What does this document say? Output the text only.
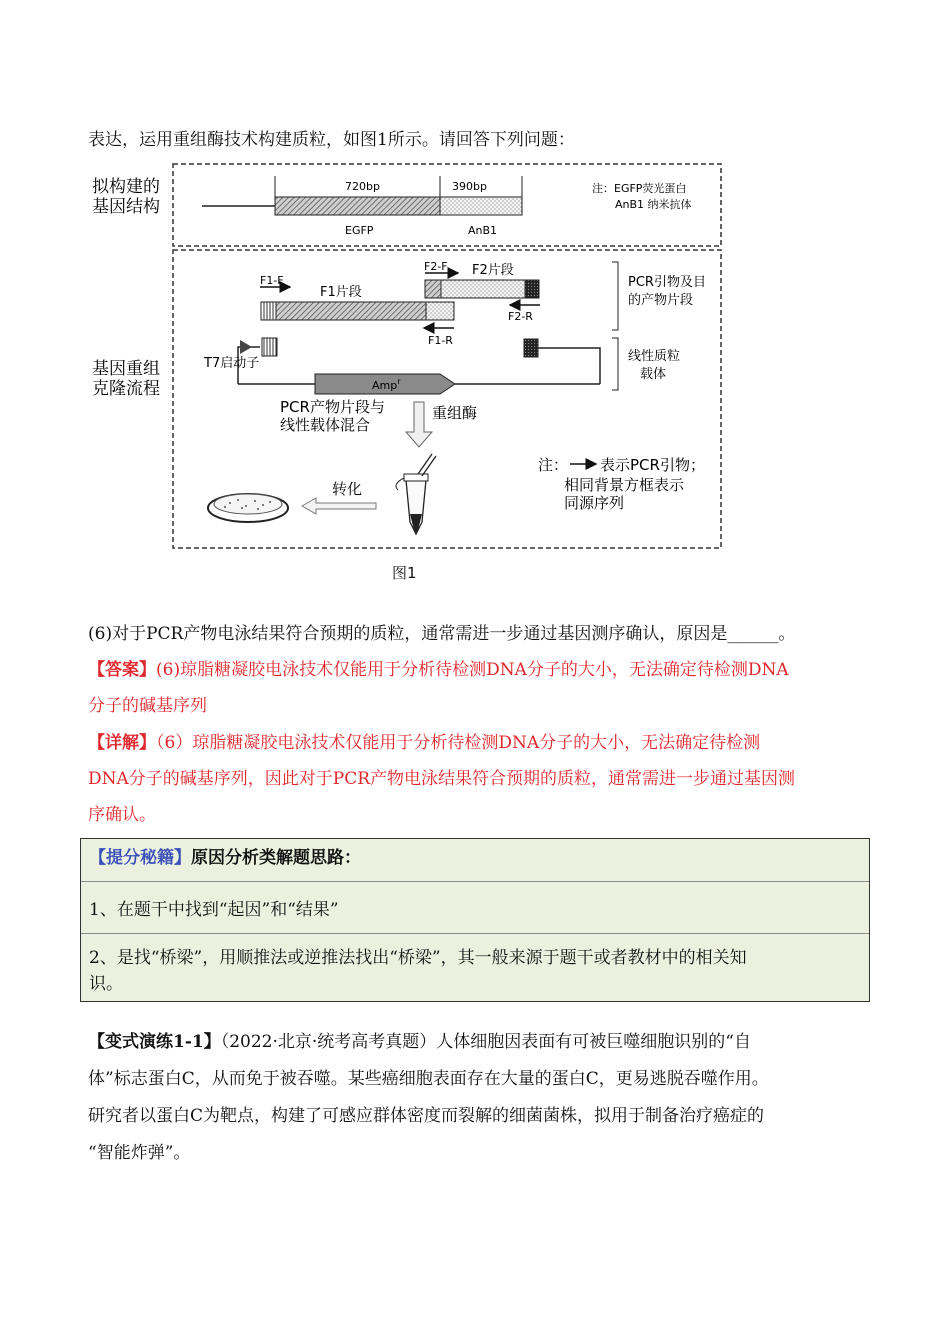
表达，运用重组酶技术构建质粒，如图1所示。请回答下列问题：
拟构建的
基因结构
基因重组
克隆流程
720bp	390bp
EGFP	AnB1
注：EGFP荧光蛋白
AnB1 纳米抗体
F1-F
F1片段
F1-R
F2-F F2片段
F2-R
PCR引物及目
的产物片段
T7启动子
Amp$^r$
线性质粒
载体
PCR产物片段与
线性载体混合
重组酶
转化
注： 表示PCR引物；
相同背景方框表示
同源序列
图1
(6)对于PCR产物电泳结果符合预期的质粒，通常需进一步通过基因测序确认，原因是______。
【答案】(6)琼脂糖凝胶电泳技术仅能用于分析待检测DNA分子的大小，无法确定待检测DNA
分子的碱基序列
【详解】（6）琼脂糖凝胶电泳技术仅能用于分析待检测DNA分子的大小，无法确定待检测
DNA分子的碱基序列，因此对于PCR产物电泳结果符合预期的质粒，通常需进一步通过基因测
序确认。
【提分秘籍】原因分析类解题思路：
1、在题干中找到“起因”和“结果”
2、是找“桥梁”，用顺推法或逆推法找出“桥梁”，其一般来源于题干或者教材中的相关知
识。
【变式演练1-1】（2022·北京·统考高考真题）人体细胞因表面有可被巨噬细胞识别的“自
体”标志蛋白C，从而免于被吞噬。某些癌细胞表面存在大量的蛋白C，更易逃脱吞噬作用。
研究者以蛋白C为靶点，构建了可感应群体密度而裂解的细菌菌株，拟用于制备治疗癌症的
“智能炸弹”。
